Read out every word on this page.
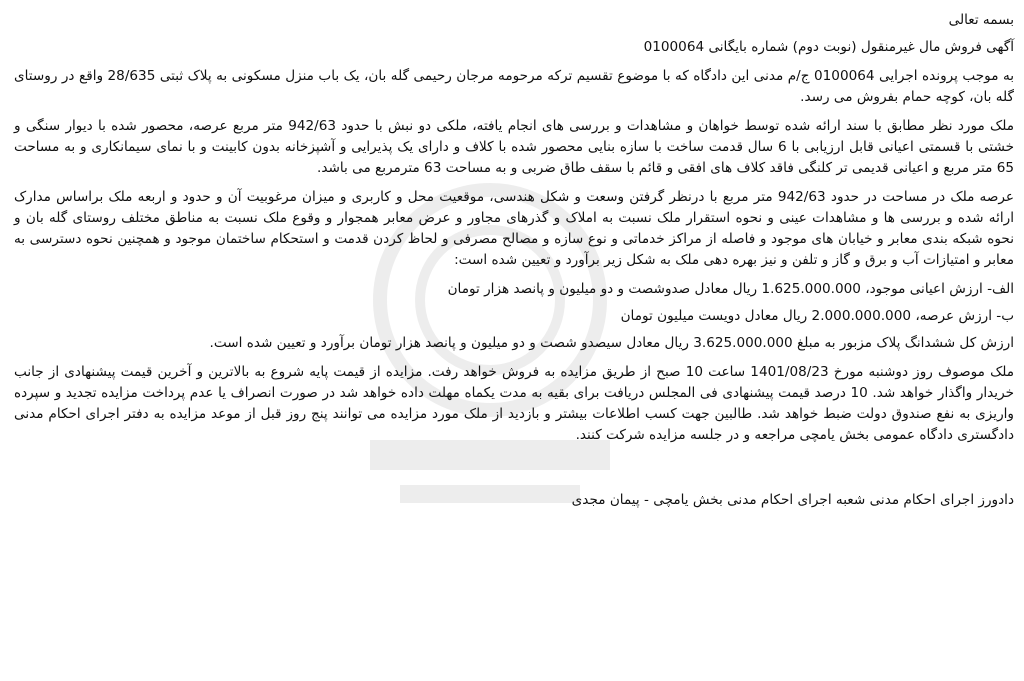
بسمه تعالی

آگهی فروش مال غیرمنقول (نوبت دوم) شماره بایگانی 0100064

به موجب پرونده اجرایی 0100064 ج/م مدنی این دادگاه که با موضوع تقسیم ترکه مرحومه مرجان رحیمی گله بان، یک باب منزل مسکونی به پلاک ثبتی 28/635 واقع در روستای گله بان، کوچه حمام بفروش می رسد.

ملک مورد نظر مطابق با سند ارائه شده توسط خواهان و مشاهدات و بررسی های انجام یافته، ملکی دو نبش با حدود 942/63 متر مربع عرصه، محصور شده با دیوار سنگی و خشتی با قسمتی اعیانی قابل ارزیابی با 6 سال قدمت ساخت با سازه بنایی محصور شده با کلاف و دارای یک پذیرایی و آشپزخانه بدون کابینت و با نمای سیمانکاری و به مساحت 65 متر مربع و اعیانی قدیمی تر کلنگی فاقد کلاف های افقی و قائم با سقف طاق ضربی و به مساحت 63 مترمربع می باشد.

عرصه ملک در مساحت در حدود 942/63 متر مربع با درنظر گرفتن وسعت و شکل هندسی، موقعیت محل و کاربری و میزان مرغوبیت آن و حدود و اربعه ملک براساس مدارک ارائه شده و بررسی ها و مشاهدات عینی و نحوه استقرار ملک نسبت به املاک و گذرهای مجاور و عرض معابر همجوار و وقوع ملک نسبت به مناطق مختلف روستای گله بان و نحوه شبکه بندی معابر و خیابان های موجود و فاصله از مراکز خدماتی و نوع سازه و مصالح مصرفی و لحاظ کردن قدمت و استحکام ساختمان موجود و همچنین نحوه دسترسی به معابر و امتیازات آب و برق و گاز و تلفن و نیز بهره دهی ملک به شکل زیر برآورد و تعیین شده است:

الف- ارزش اعیانی موجود، 1.625.000.000 ریال معادل صدوشصت و دو میلیون و پانصد هزار تومان

ب- ارزش عرصه، 2.000.000.000 ریال معادل دویست میلیون تومان

ارزش کل ششدانگ پلاک مزبور به مبلغ 3.625.000.000 ریال معادل سیصدو شصت و دو میلیون و پانصد هزار تومان برآورد و تعیین شده است.

ملک موصوف روز دوشنبه مورخ 1401/08/23 ساعت 10 صبح از طریق مزایده به فروش خواهد رفت. مزایده از قیمت پایه شروع به بالاترین و آخرین قیمت پیشنهادی از جانب خریدار واگذار خواهد شد. 10 درصد قیمت پیشنهادی فی المجلس دریافت برای بقیه به مدت یکماه مهلت داده خواهد شد در صورت انصراف یا عدم پرداخت مزایده تجدید و سپرده واریزی به نفع صندوق دولت ضبط خواهد شد. طالبین جهت کسب اطلاعات بیشتر و بازدید از ملک مورد مزایده می توانند پنج روز قبل از موعد مزایده به دفتر اجرای احکام مدنی دادگستری دادگاه عمومی بخش یامچی مراجعه و در جلسه مزایده شرکت کنند.

دادورز اجرای احکام مدنی شعبه اجرای احکام مدنی بخش یامچی - پیمان مجدی
